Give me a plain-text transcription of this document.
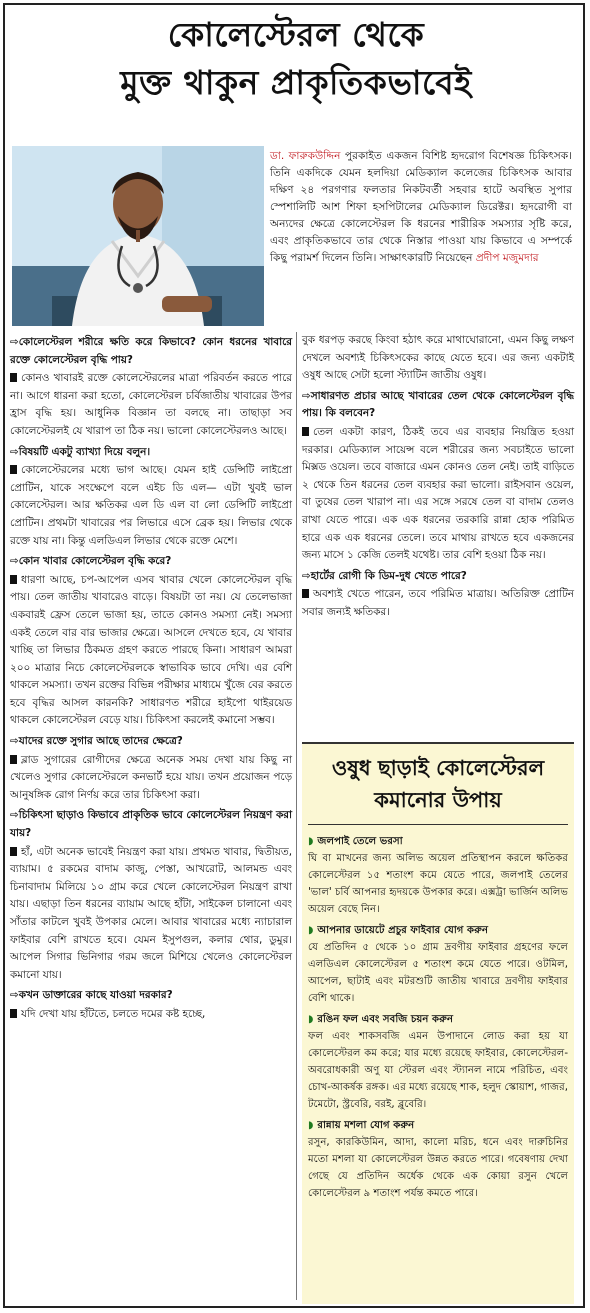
কোলেস্টেরল থেকে
মুক্ত থাকুন প্রাকৃতিকভাবেই
ডা. ফারুকউদ্দিন পুরকাইত একজন বিশিষ্ট হৃদরোগ বিশেষজ্ঞ চিকিৎসক। তিনি একদিকে যেমন হলদিয়া মেডিক্যাল কলেজের চিকিৎসক আবার দক্ষিণ ২৪ পরগণার ফলতার নিকটবর্তী সহবার হাটে অবস্থিত সুপার স্পেশালিটি আশ শিফা হসপিটালের মেডিক্যাল ডিরেক্টর। হৃদরোগী বা অন্যদের ক্ষেত্রে কোলেস্টেরল কি ধরনের শারীরিক সমস্যার সৃষ্টি করে, এবং প্রাকৃতিকভাবে তার থেকে নিস্তার পাওয়া যায় কিভাবে এ সম্পর্কে কিছু পরামর্শ দিলেন তিনি। সাক্ষাৎকারটি নিয়েছেন প্রদীপ মজুমদার
⇨কোলেস্টেরল শরীরে ক্ষতি করে কিভাবে? কোন ধরনের খাবারে রক্তে কোলেস্টেরল বৃদ্ধি পায়?
কোনও খাবারই রক্তে কোলেস্টেরলের মাত্রা পরিবর্তন করতে পারে না। আগে ধারনা করা হতো, কোলেস্টেরল চর্বিজাতীয় খাবারের উপর হ্রাস বৃদ্ধি হয়। আধুনিক বিজ্ঞান তা বলছে না। তাছাড়া সব কোলেস্টেরলই যে খারাপ তা ঠিক নয়। ভালো কোলেস্টেরলও আছে।
⇨বিষয়টি একটু ব্যাখ্যা দিয়ে বলুন।
কোলেস্টেরলের মধ্যে ভাগ আছে। যেমন হাই ডেন্সিটি লাইপ্রো প্রোটিন, যাকে সংক্ষেপে বলে এইচ ডি এল— এটা খুবই ভাল কোলেস্টেরল। আর ক্ষতিকর এল ডি এল বা লো ডেন্সিটি লাইপ্রো প্রোটিন। প্রথমটা খাবারের পর লিভারে এসে ব্রেক হয়। লিভার থেকে রক্তে যায় না। কিন্তু এলডিএল লিভার থেকে রক্তে মেশে।
⇨কোন খাবার কোলেস্টেরল বৃদ্ধি করে?
ধারণা আছে, চপ-আপেল এসব খাবার খেলে কোলেস্টেরল বৃদ্ধি পায়। তেল জাতীয় খাবারেও বাড়ে। বিষয়টা তা নয়। যে তেলেভাজা একবারই ফ্রেস তেলে ভাজা হয়, তাতে কোনও সমস্যা নেই। সমস্যা একই তেলে বার বার ভাজার ক্ষেত্রে। আসলে দেখতে হবে, যে খাবার খাচ্ছি তা লিভার ঠিকমত গ্রহণ করতে পারছে কিনা। সাধারণ আমরা ২০০ মাত্রার নিচে কোলেস্টেরলকে স্বাভাবিক ভাবে দেখি। এর বেশি থাকলে সমস্যা। তখন রক্তের বিভিন্ন পরীক্ষার মাধ্যমে খুঁজে বের করতে হবে বৃদ্ধির আসল কারনকি? সাধারণত শরীরে হাইপো থাইরয়েড থাকলে কোলেস্টেরল বেড়ে যায়। চিকিৎসা করলেই কমানো সম্ভব।
⇨যাদের রক্তে সুগার আছে তাদের ক্ষেত্রে?
ব্লাড সুগারের রোগীদের ক্ষেত্রে অনেক সময় দেখা যায় কিছু না খেলেও সুগার কোলেস্টেরলে কনভার্ট হয়ে যায়। তখন প্রয়োজন পড়ে আনুষঙ্গিক রোগ নির্ণয় করে তার চিকিৎসা করা।
⇨চিকিৎসা ছাড়াও কিভাবে প্রাকৃতিক ভাবে কোলেস্টেরল নিয়ন্ত্রণ করা যায়?
হাঁ, এটা অনেক ভাবেই নিয়ন্ত্রণ করা যায়। প্রথমত খাবার, দ্বিতীয়ত, ব্যায়াম। ৫ রকমের বাদাম কাজু, পেস্তা, আখরোট, আলমন্ড এবং চিনাবাদাম মিলিয়ে ১০ গ্রাম করে খেলে কোলেস্টেরল নিয়ন্ত্রণ রাখা যায়। এছাড়া তিন ধরনের ব্যায়াম আছে হাঁটা, সাইকেল চালানো এবং সাঁতার কাটলে খুবই উপকার মেলে। আবার খাবারের মধ্যে ন্যাচারাল ফাইবার বেশি রাখতে হবে। যেমন ইসুপগুল, কলার থোর, ডুমুর। আপেল সিগার ভিনিগার গরম জলে মিশিয়ে খেলেও কোলেস্টেরল কমানো যায়।
⇨কখন ডাক্তারের কাছে যাওয়া দরকার?
যদি দেখা যায় হাঁটতে, চলতে দমের কষ্ট হচ্ছে,
বুক ধরপড় করছে কিংবা হঠাৎ করে মাথাঘোরানো, এমন কিছু লক্ষণ দেখলে অবশ্যই চিকিৎসকের কাছে যেতে হবে। এর জন্য একটাই ওষুধ আছে সেটা হলো স্ট্যাটিন জাতীয় ওষুধ।
⇨সাধারণত প্রচার আছে খাবারের তেল থেকে কোলেস্টেরল বৃদ্ধি পায়। কি বলবেন?
তেল একটা কারণ, ঠিকই তবে এর ব্যবহার নিয়ন্ত্রিত হওয়া দরকার। মেডিক্যাল সায়েন্স বলে শরীরের জন্য সবচাইতে ভালো মিক্সড ওয়েল। তবে বাজারে এমন কোনও তেল নেই। তাই বাড়িতে ২ থেকে তিন ধরনের তেল ব্যবহার করা ভালো। রাইসবান ওয়েল, বা তুষের তেল খারাপ না। এর সঙ্গে সরষে তেল বা বাদাম তেলও রাখা যেতে পারে। এক এক ধরনের তরকারি রান্না হোক পরিমিত হারে এক এক ধরনের তেলে। তবে মাথায় রাখতে হবে একজনের জন্য মাসে ১ কেজি তেলই যথেষ্ট। তার বেশি হওয়া ঠিক নয়।
⇨হার্টের রোগী কি ডিম-দুধ খেতে পারে?
অবশ্যই খেতে পারেন, তবে পরিমিত মাত্রায়। অতিরিক্ত প্রোটিন সবার জন্যই ক্ষতিকর।
ওষুধ ছাড়াই কোলেস্টেরল কমানোর উপায়
◗ জলপাই তেলে ভরসা
ঘি বা মাখনের জন্য অলিভ অয়েল প্রতিস্থাপন করলে ক্ষতিকর কোলেস্টেরল ১৫ শতাংশ কমে যেতে পারে, জলপাই তেলের 'ভাল' চর্বি আপনার হৃদয়কে উপকার করে। এক্সট্রা ভার্জিন অলিভ অয়েল বেছে নিন।
◗ আপনার ডায়েটে প্রচুর ফাইবার যোগ করুন
যে প্রতিদিন ৫ থেকে ১০ গ্রাম দ্রবণীয় ফাইবার গ্রহণের ফলে এলডিএল কোলেস্টেরল ৫ শতাংশ কমে যেতে পারে। ওটমিল, আপেল, ছাটাই এবং মটরশুটি জাতীয় খাবারে দ্রবণীয় ফাইবার বেশি থাকে।
◗ রঙিন ফল এবং সবজি চয়ন করুন
ফল এবং শাকসবজি এমন উপাদানে লোড করা হয় যা কোলেস্টেরল কম করে; যার মধ্যে রয়েছে ফাইবার, কোলেস্টেরল-অবরোধকারী অণু যা স্টেরল এবং স্ট্যানল নামে পরিচিত, এবং চোখ-আকর্ষক রঙ্গক। এর মধ্যে রয়েছে শাক, হলুদ স্কোয়াশ, গাজর, টমেটো, স্ট্রবেরি, বরই, ব্লুবেরি।
◗ রান্নায় মশলা যোগ করুন
রসুন, কারকিউমিন, আদা, কালো মরিচ, ধনে এবং দারুচিনির মতো মশলা যা কোলেস্টেরল উন্নত করতে পারে। গবেষণায় দেখা গেছে যে প্রতিদিন অর্ধেক থেকে এক কোয়া রসুন খেলে কোলেস্টেরল ৯ শতাংশ পর্যন্ত কমতে পারে।
